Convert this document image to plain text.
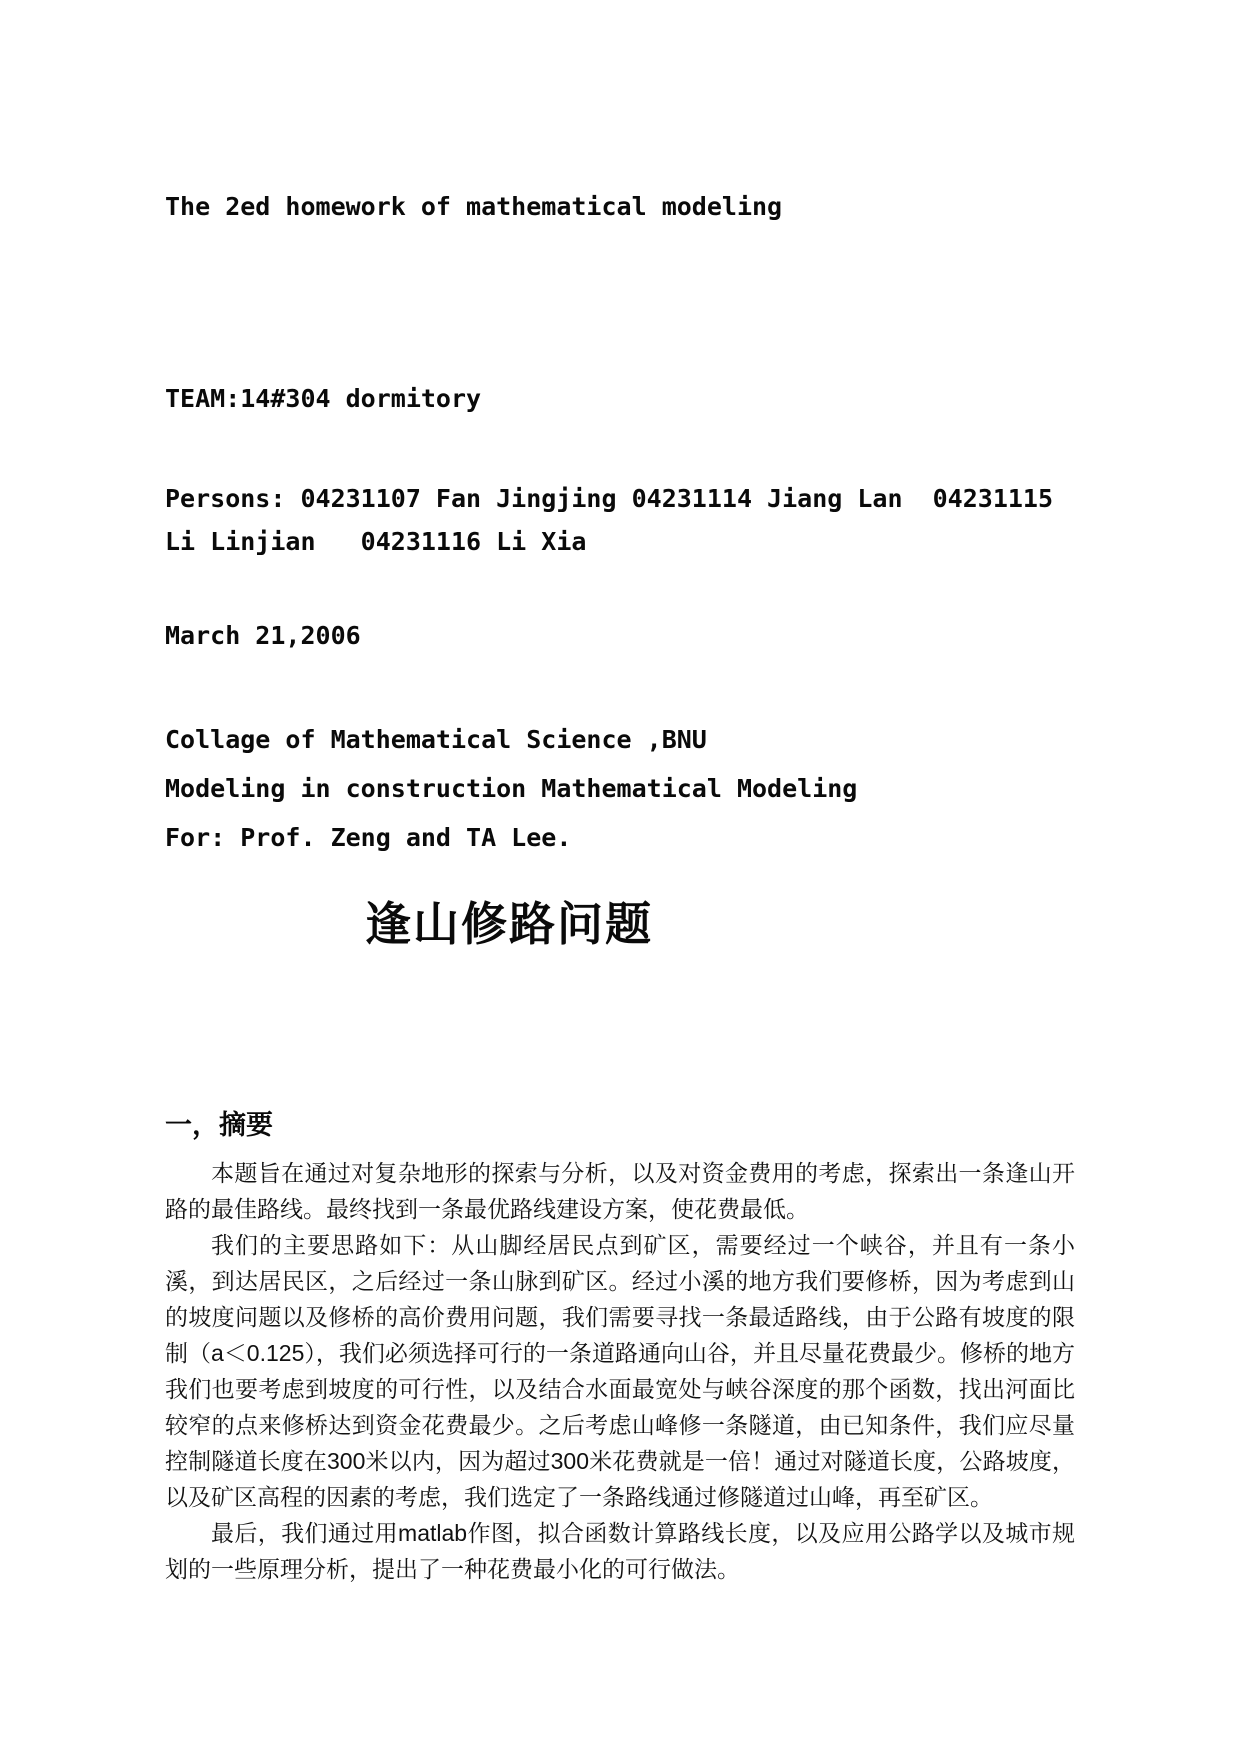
The 2ed homework of mathematical modeling
TEAM:14#304 dormitory
Persons: 04231107 Fan Jingjing 04231114 Jiang Lan  04231115
Li Linjian   04231116 Li Xia
March 21,2006
Collage of Mathematical Science ,BNU
Modeling in construction Mathematical Modeling
For: Prof. Zeng and TA Lee.
逢山修路问题
一，摘要

本题旨在通过对复杂地形的探索与分析，以及对资金费用的考虑，探索出一条逢山开路的最佳路线。最终找到一条最优路线建设方案，使花费最低。

我们的主要思路如下：从山脚经居民点到矿区，需要经过一个峡谷，并且有一条小溪，到达居民区，之后经过一条山脉到矿区。经过小溪的地方我们要修桥，因为考虑到山的坡度问题以及修桥的高价费用问题，我们需要寻找一条最适路线，由于公路有坡度的限制（a＜0.125），我们必须选择可行的一条道路通向山谷，并且尽量花费最少。修桥的地方我们也要考虑到坡度的可行性，以及结合水面最宽处与峡谷深度的那个函数，找出河面比较窄的点来修桥达到资金花费最少。之后考虑山峰修一条隧道，由已知条件，我们应尽量控制隧道长度在300米以内，因为超过300米花费就是一倍！通过对隧道长度，公路坡度，以及矿区高程的因素的考虑，我们选定了一条路线通过修隧道过山峰，再至矿区。

最后，我们通过用matlab作图，拟合函数计算路线长度，以及应用公路学以及城市规划的一些原理分析，提出了一种花费最小化的可行做法。
